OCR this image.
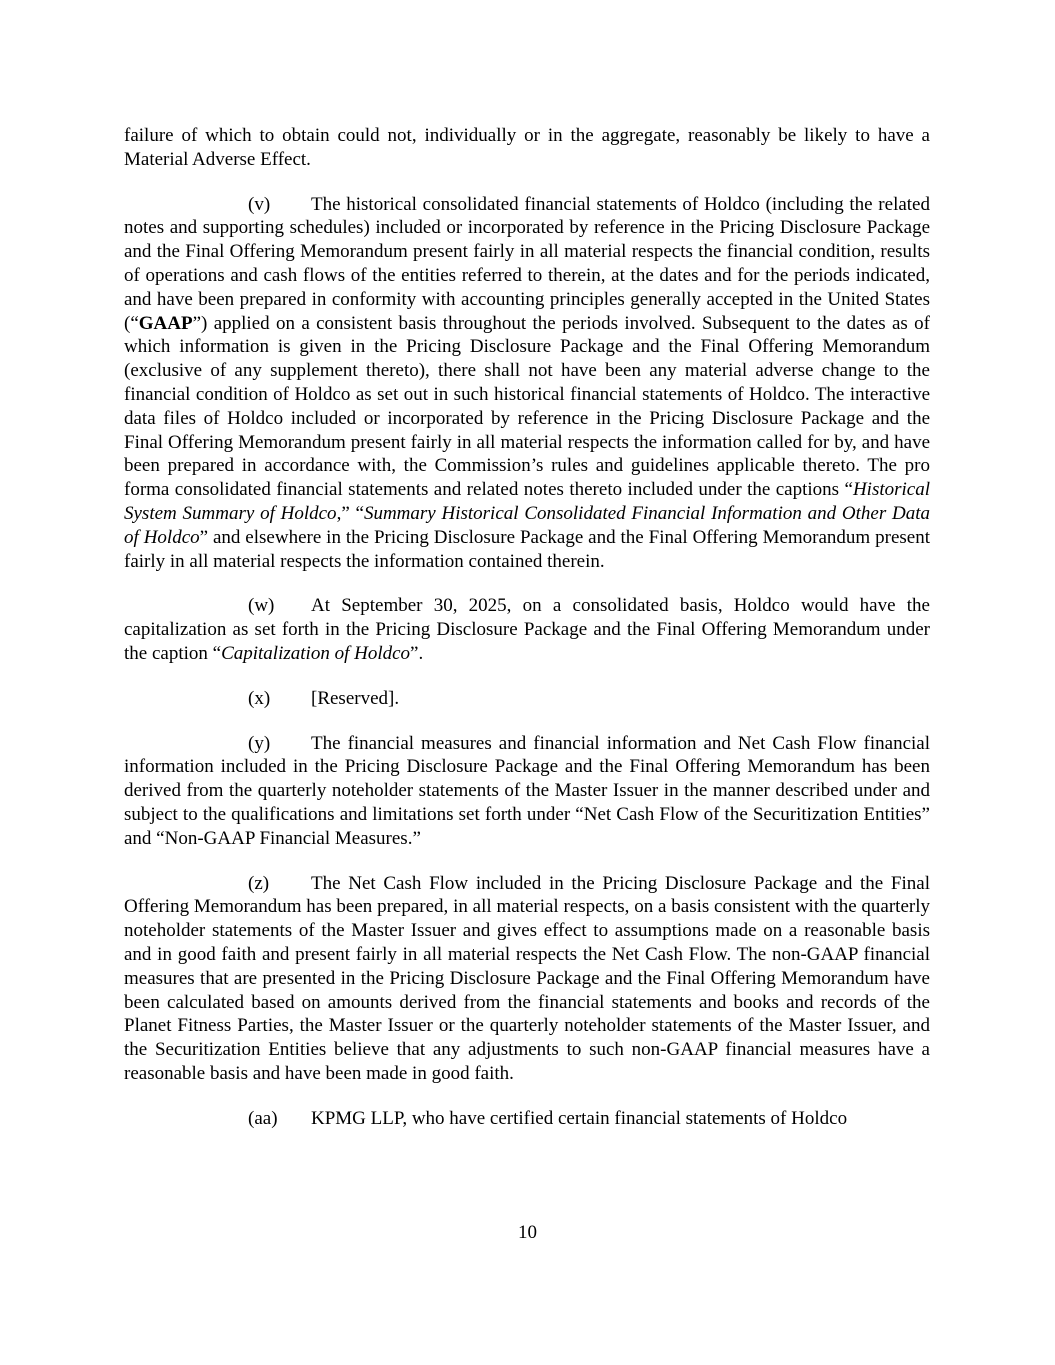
failure of which to obtain could not, individually or in the aggregate, reasonably be likely to have a Material Adverse Effect.

(v) The historical consolidated financial statements of Holdco (including the related notes and supporting schedules) included or incorporated by reference in the Pricing Disclosure Package and the Final Offering Memorandum present fairly in all material respects the financial condition, results of operations and cash flows of the entities referred to therein, at the dates and for the periods indicated, and have been prepared in conformity with accounting principles generally accepted in the United States (“GAAP”) applied on a consistent basis throughout the periods involved. Subsequent to the dates as of which information is given in the Pricing Disclosure Package and the Final Offering Memorandum (exclusive of any supplement thereto), there shall not have been any material adverse change to the financial condition of Holdco as set out in such historical financial statements of Holdco. The interactive data files of Holdco included or incorporated by reference in the Pricing Disclosure Package and the Final Offering Memorandum present fairly in all material respects the information called for by, and have been prepared in accordance with, the Commission’s rules and guidelines applicable thereto. The pro forma consolidated financial statements and related notes thereto included under the captions “Historical System Summary of Holdco,” “Summary Historical Consolidated Financial Information and Other Data of Holdco” and elsewhere in the Pricing Disclosure Package and the Final Offering Memorandum present fairly in all material respects the information contained therein.

(w) At September 30, 2025, on a consolidated basis, Holdco would have the capitalization as set forth in the Pricing Disclosure Package and the Final Offering Memorandum under the caption “Capitalization of Holdco”.

(x) [Reserved].

(y) The financial measures and financial information and Net Cash Flow financial information included in the Pricing Disclosure Package and the Final Offering Memorandum has been derived from the quarterly noteholder statements of the Master Issuer in the manner described under and subject to the qualifications and limitations set forth under “Net Cash Flow of the Securitization Entities” and “Non-GAAP Financial Measures.”

(z) The Net Cash Flow included in the Pricing Disclosure Package and the Final Offering Memorandum has been prepared, in all material respects, on a basis consistent with the quarterly noteholder statements of the Master Issuer and gives effect to assumptions made on a reasonable basis and in good faith and present fairly in all material respects the Net Cash Flow. The non-GAAP financial measures that are presented in the Pricing Disclosure Package and the Final Offering Memorandum have been calculated based on amounts derived from the financial statements and books and records of the Planet Fitness Parties, the Master Issuer or the quarterly noteholder statements of the Master Issuer, and the Securitization Entities believe that any adjustments to such non-GAAP financial measures have a reasonable basis and have been made in good faith.

(aa) KPMG LLP, who have certified certain financial statements of Holdco

10
